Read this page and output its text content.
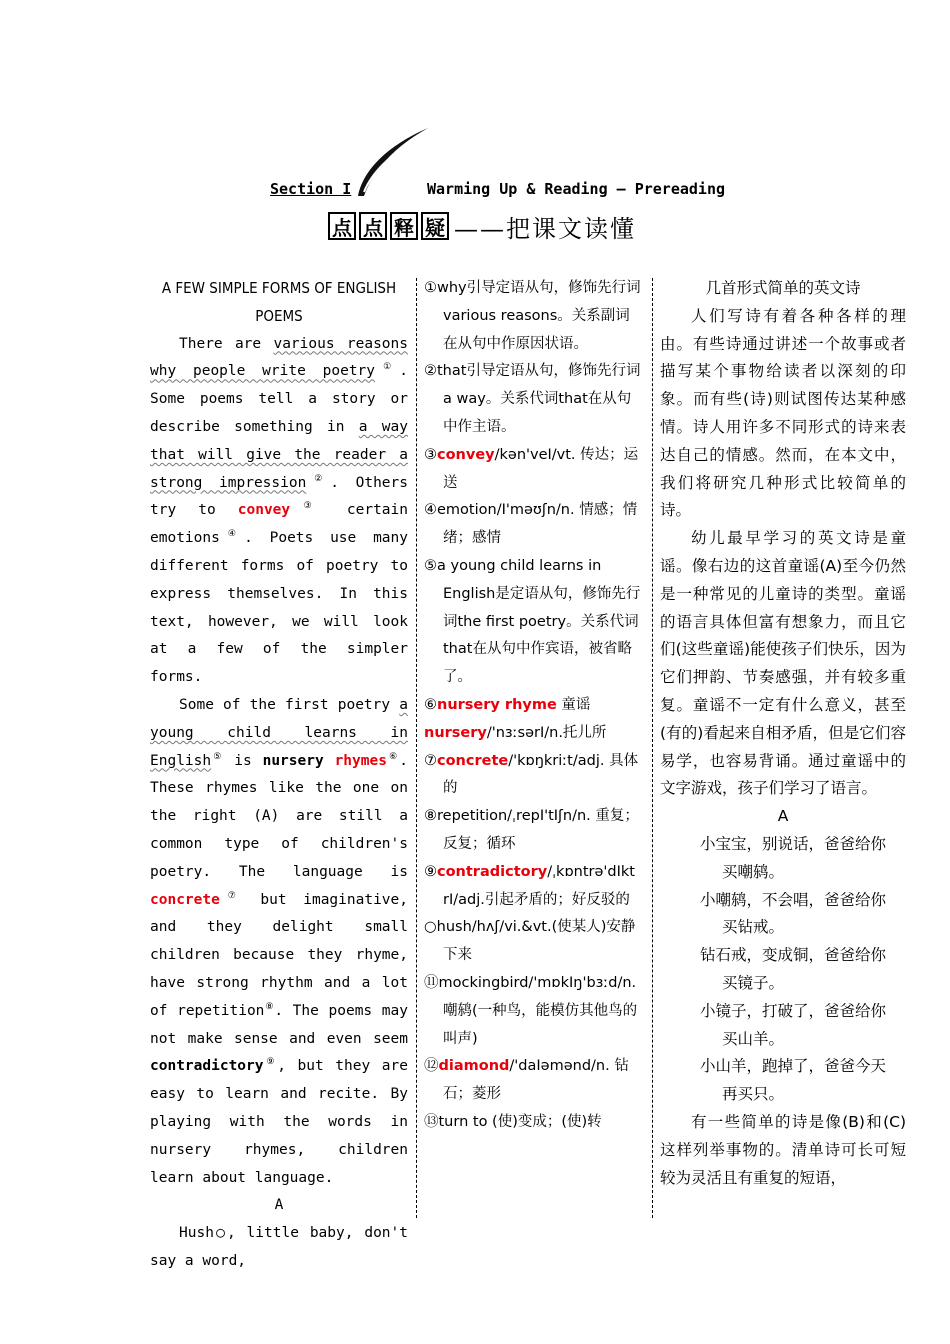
Section I	Warming Up & Reading — Prereading
点 点 释 疑 ——把课文读懂
A FEW SIMPLE FORMS OF ENGLISH POEMS

There are various reasons why people write poetry①. Some poems tell a story or describe something in a way that will give the reader a strong impression②. Others try to convey③ certain emotions④. Poets use many different forms of poetry to express themselves. In this text, however, we will look at a few of the simpler forms.

Some of the first poetry a young child learns in English⑤ is nursery rhymes⑥. These rhymes like the one on the right (A) are still a common type of children's poetry. The language is concrete⑦ but imaginative, and they delight small children because they rhyme, have strong rhythm and a lot of repetition⑧. The poems may not make sense and even seem contradictory⑨, but they are easy to learn and recite. By playing with the words in nursery rhymes, children learn about language.

A

Hush○, little baby, don't say a word,

①why引导定语从句，修饰先行词various reasons。关系副词在从句中作原因状语。

②that引导定语从句，修饰先行词a way。关系代词that在从句中作主语。

③convey/kən'veI/vt. 传达；运送

④emotion/I'məʊʃn/n. 情感；情绪；感情

⑤a young child learns in English是定语从句，修饰先行词the first poetry。关系代词that在从句中作宾语，被省略了。

⑥nursery rhyme 童谣

nursery/'nɜːsərI/n.托儿所

⑦concrete/'kɒŋkriːt/adj. 具体的

⑧repetition/ˌrepI'tIʃn/n. 重复；反复；循环

⑨contradictory/ˌkɒntrə'dIkt rI/adj.引起矛盾的；好反驳的

○hush/hʌʃ/vi.&vt.(使某人)安静下来

⑪mockingbird/'mɒkIŋ'bɜːd/n.嘲鸫(一种鸟，能模仿其他鸟的叫声)

⑫diamond/'daIəmənd/n. 钻石；菱形

⑬turn to (使)变成；(使)转

几首形式简单的英文诗

人们写诗有着各种各样的理由。有些诗通过讲述一个故事或者描写某个事物给读者以深刻的印象。而有些(诗)则试图传达某种感情。诗人用许多不同形式的诗来表达自己的情感。然而，在本文中，我们将研究几种形式比较简单的诗。

幼儿最早学习的英文诗是童谣。像右边的这首童谣(A)至今仍然是一种常见的儿童诗的类型。童谣的语言具体但富有想象力，而且它们(这些童谣)能使孩子们快乐，因为它们押韵、节奏感强，并有较多重复。童谣不一定有什么意义，甚至(有的)看起来自相矛盾，但是它们容易学，也容易背诵。通过童谣中的文字游戏，孩子们学习了语言。

A

小宝宝，别说话，爸爸给你

买嘲鸫。

小嘲鸫，不会唱，爸爸给你

买钻戒。

钻石戒，变成铜，爸爸给你

买镜子。

小镜子，打破了，爸爸给你

买山羊。

小山羊，跑掉了，爸爸今天

再买只。

有一些简单的诗是像(B)和(C)这样列举事物的。清单诗可长可短较为灵活且有重复的短语，
